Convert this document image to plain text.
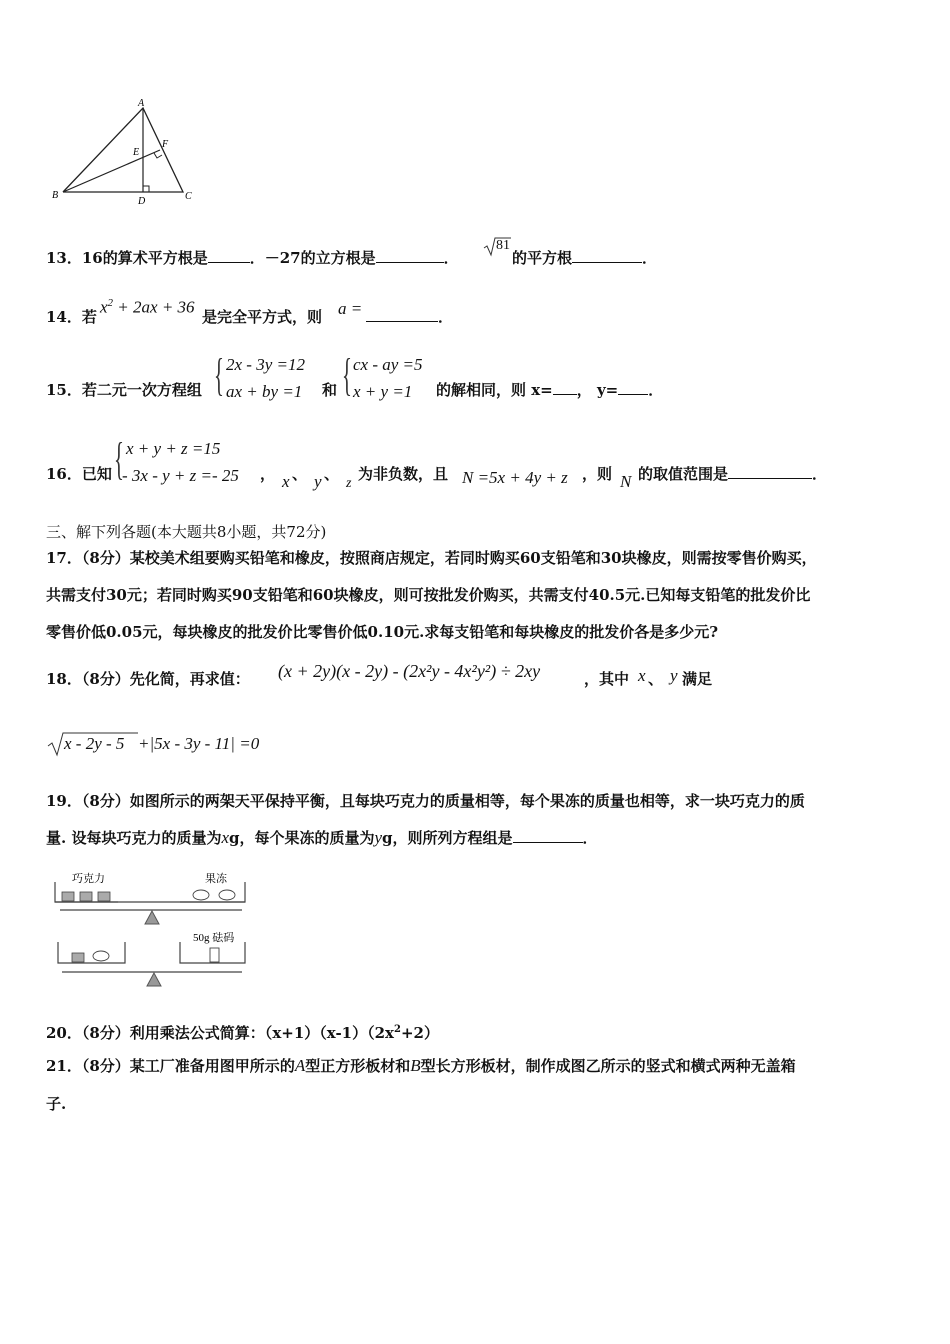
A
B	C
D
E
F
13．16的算术平方根是	．－27的立方根是	．
81
的平方根	．
14．若
$x^2 + 2ax + 36$
是完全平方式，则 a =	．
15．若二元一次方程组 { 2x - 3y =12
ax + by =1 和 { cx - ay =5
x + y =1 的解相同，则 x= ， y= ．
16．已知 { x + y + z =15
- 3x - y + z =- 25 ， x 、 y 、
z
为非负数，且 N =5x + 4y + z ，则 N 的取值范围是	．
三、解下列各题(本大题共8小题，共72分)
17．（8分）某校美术组要购买铅笔和橡皮，按照商店规定，若同时购买60支铅笔和30块橡皮，则需按零售价购买，
共需支付30元；若同时购买90支铅笔和60块橡皮，则可按批发价购买，共需支付40.5元.已知每支铅笔的批发价比
零售价低0.05元，每块橡皮的批发价比零售价低0.10元.求每支铅笔和每块橡皮的批发价各是多少元?
18．（8分）先化简，再求值： (x + 2y)(x - 2y) - (2x²y - 4x²y²) ÷ 2xy	，其中 x 、 y 满足
x - 2y - 5 +|5x - 3y - 11| =0
19．（8分）如图所示的两架天平保持平衡，且每块巧克力的质量相等，每个果冻的质量也相等，求一块巧克力的质
量. 设每块巧克力的质量为xg，每个果冻的质量为yg，则所列方程组是	．
巧克力	果冻
50g 砝码
20．（8分）利用乘法公式简算：$(x+1)(x-1)(2x^2+2)$
21．（8分）某工厂准备用图甲所示的A型正方形板材和B型长方形板材，制作成图乙所示的竖式和横式两种无盖箱
子.
